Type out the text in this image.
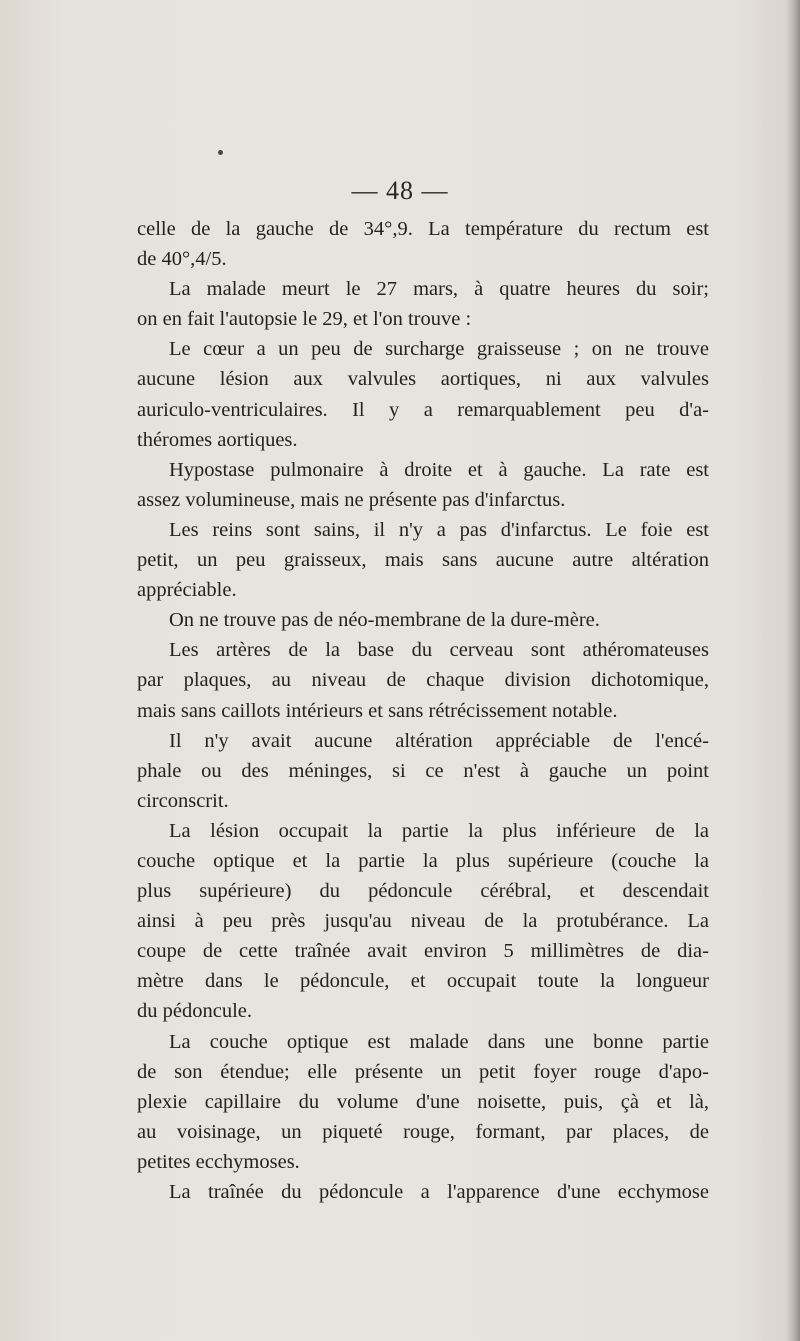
— 48 —
celle de la gauche de 34°,9. La température du rectum est
de 40°,4/5.
La malade meurt le 27 mars, à quatre heures du soir;
on en fait l'autopsie le 29, et l'on trouve :
Le cœur a un peu de surcharge graisseuse ; on ne trouve
aucune lésion aux valvules aortiques, ni aux valvules
auriculo-ventriculaires. Il y a remarquablement peu d'a-
théromes aortiques.
Hypostase pulmonaire à droite et à gauche. La rate est
assez volumineuse, mais ne présente pas d'infarctus.
Les reins sont sains, il n'y a pas d'infarctus. Le foie est
petit, un peu graisseux, mais sans aucune autre altération
appréciable.
On ne trouve pas de néo-membrane de la dure-mère.
Les artères de la base du cerveau sont athéromateuses
par plaques, au niveau de chaque division dichotomique,
mais sans caillots intérieurs et sans rétrécissement notable.
Il n'y avait aucune altération appréciable de l'encé-
phale ou des méninges, si ce n'est à gauche un point
circonscrit.
La lésion occupait la partie la plus inférieure de la
couche optique et la partie la plus supérieure (couche la
plus supérieure) du pédoncule cérébral, et descendait
ainsi à peu près jusqu'au niveau de la protubérance. La
coupe de cette traînée avait environ 5 millimètres de dia-
mètre dans le pédoncule, et occupait toute la longueur
du pédoncule.
La couche optique est malade dans une bonne partie
de son étendue; elle présente un petit foyer rouge d'apo-
plexie capillaire du volume d'une noisette, puis, çà et là,
au voisinage, un piqueté rouge, formant, par places, de
petites ecchymoses.
La traînée du pédoncule a l'apparence d'une ecchymose
